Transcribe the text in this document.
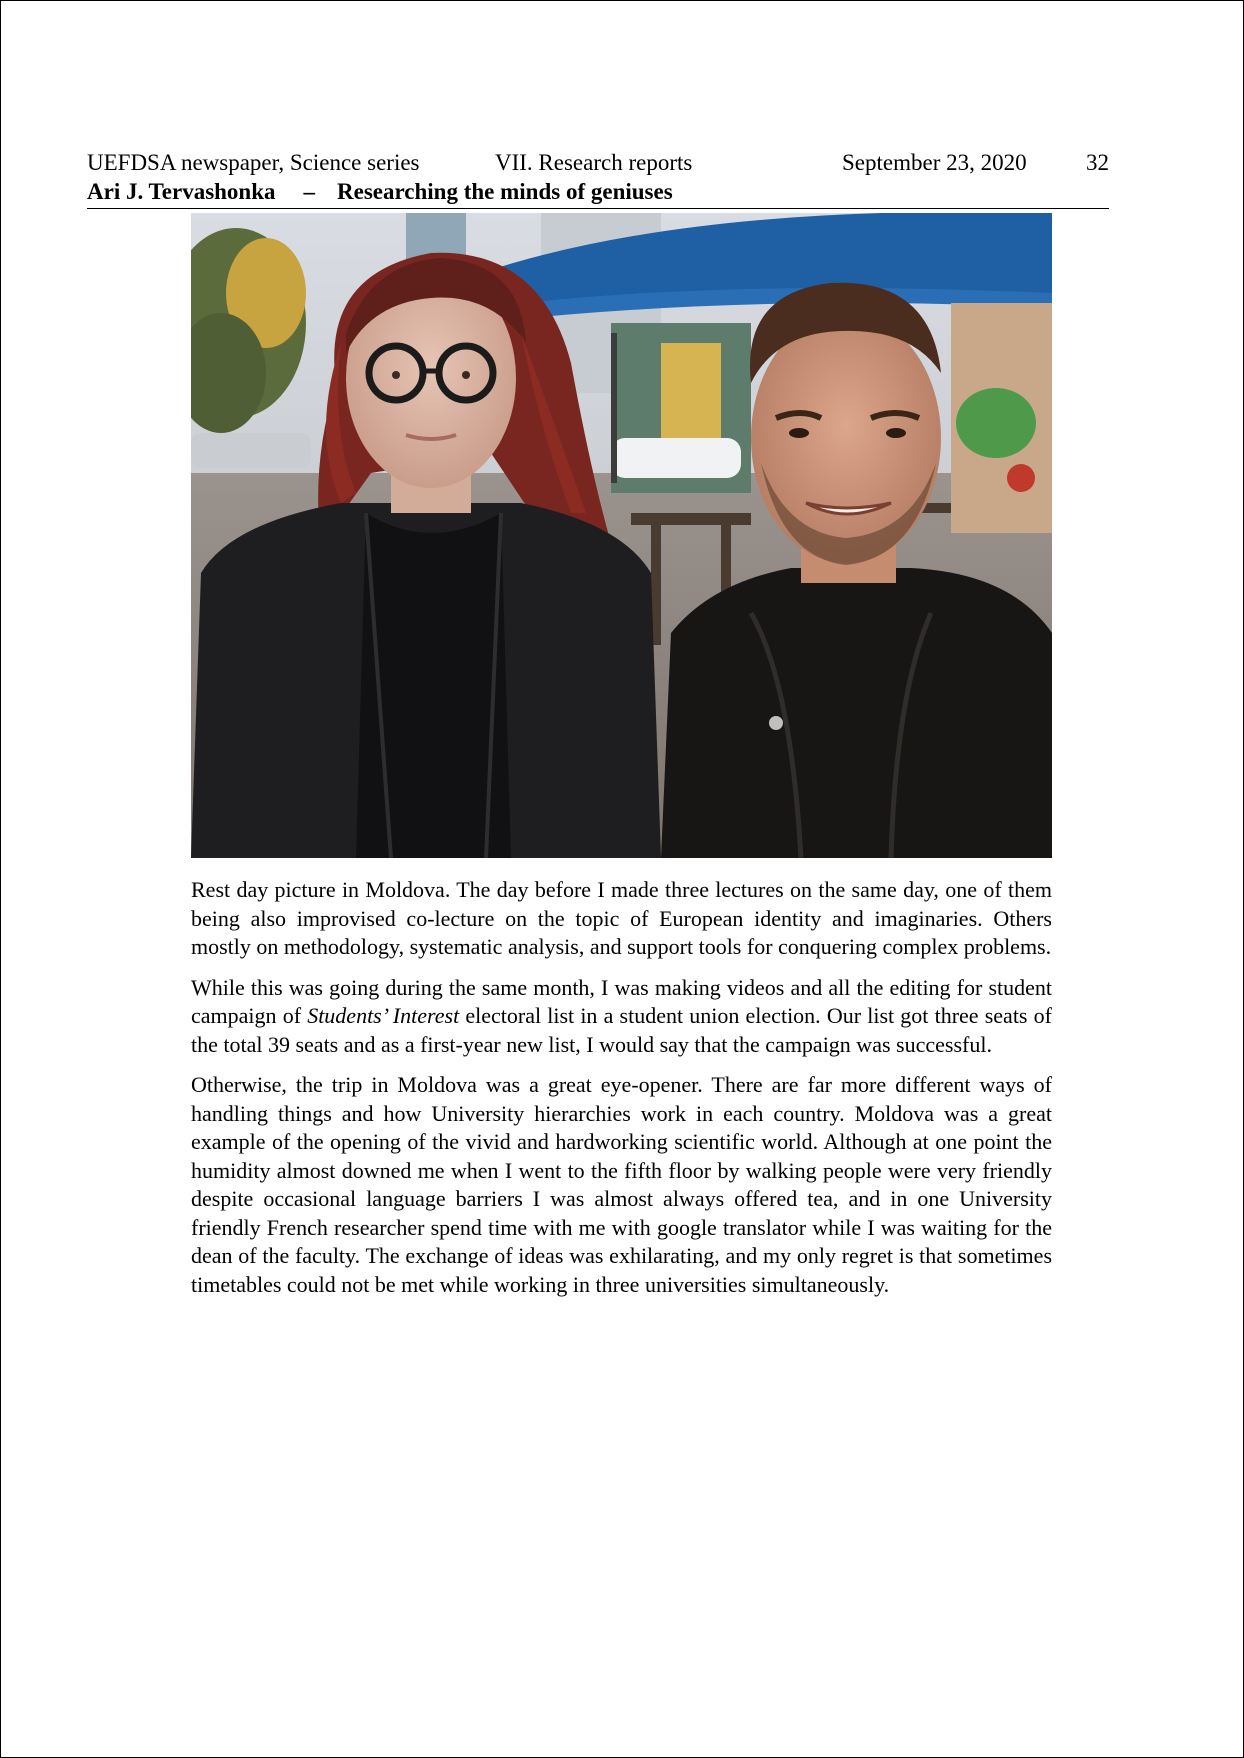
UEFDSA newspaper, Science series	VII. Research reports	September 23, 2020	32
Ari J. Tervashonka – Researching the minds of geniuses

Rest day picture in Moldova. The day before I made three lectures on the same day, one of them being also improvised co-lecture on the topic of European identity and imaginaries. Others mostly on methodology, systematic analysis, and support tools for conquering complex problems.

While this was going during the same month, I was making videos and all the editing for student campaign of Students’ Interest electoral list in a student union election. Our list got three seats of the total 39 seats and as a first-year new list, I would say that the campaign was successful.

Otherwise, the trip in Moldova was a great eye-opener. There are far more different ways of handling things and how University hierarchies work in each country. Moldova was a great example of the opening of the vivid and hardworking scientific world. Although at one point the humidity almost downed me when I went to the fifth floor by walking people were very friendly despite occasional language barriers I was almost always offered tea, and in one University friendly French researcher spend time with me with google translator while I was waiting for the dean of the faculty. The exchange of ideas was exhilarating, and my only regret is that sometimes timetables could not be met while working in three universities simultaneously.
